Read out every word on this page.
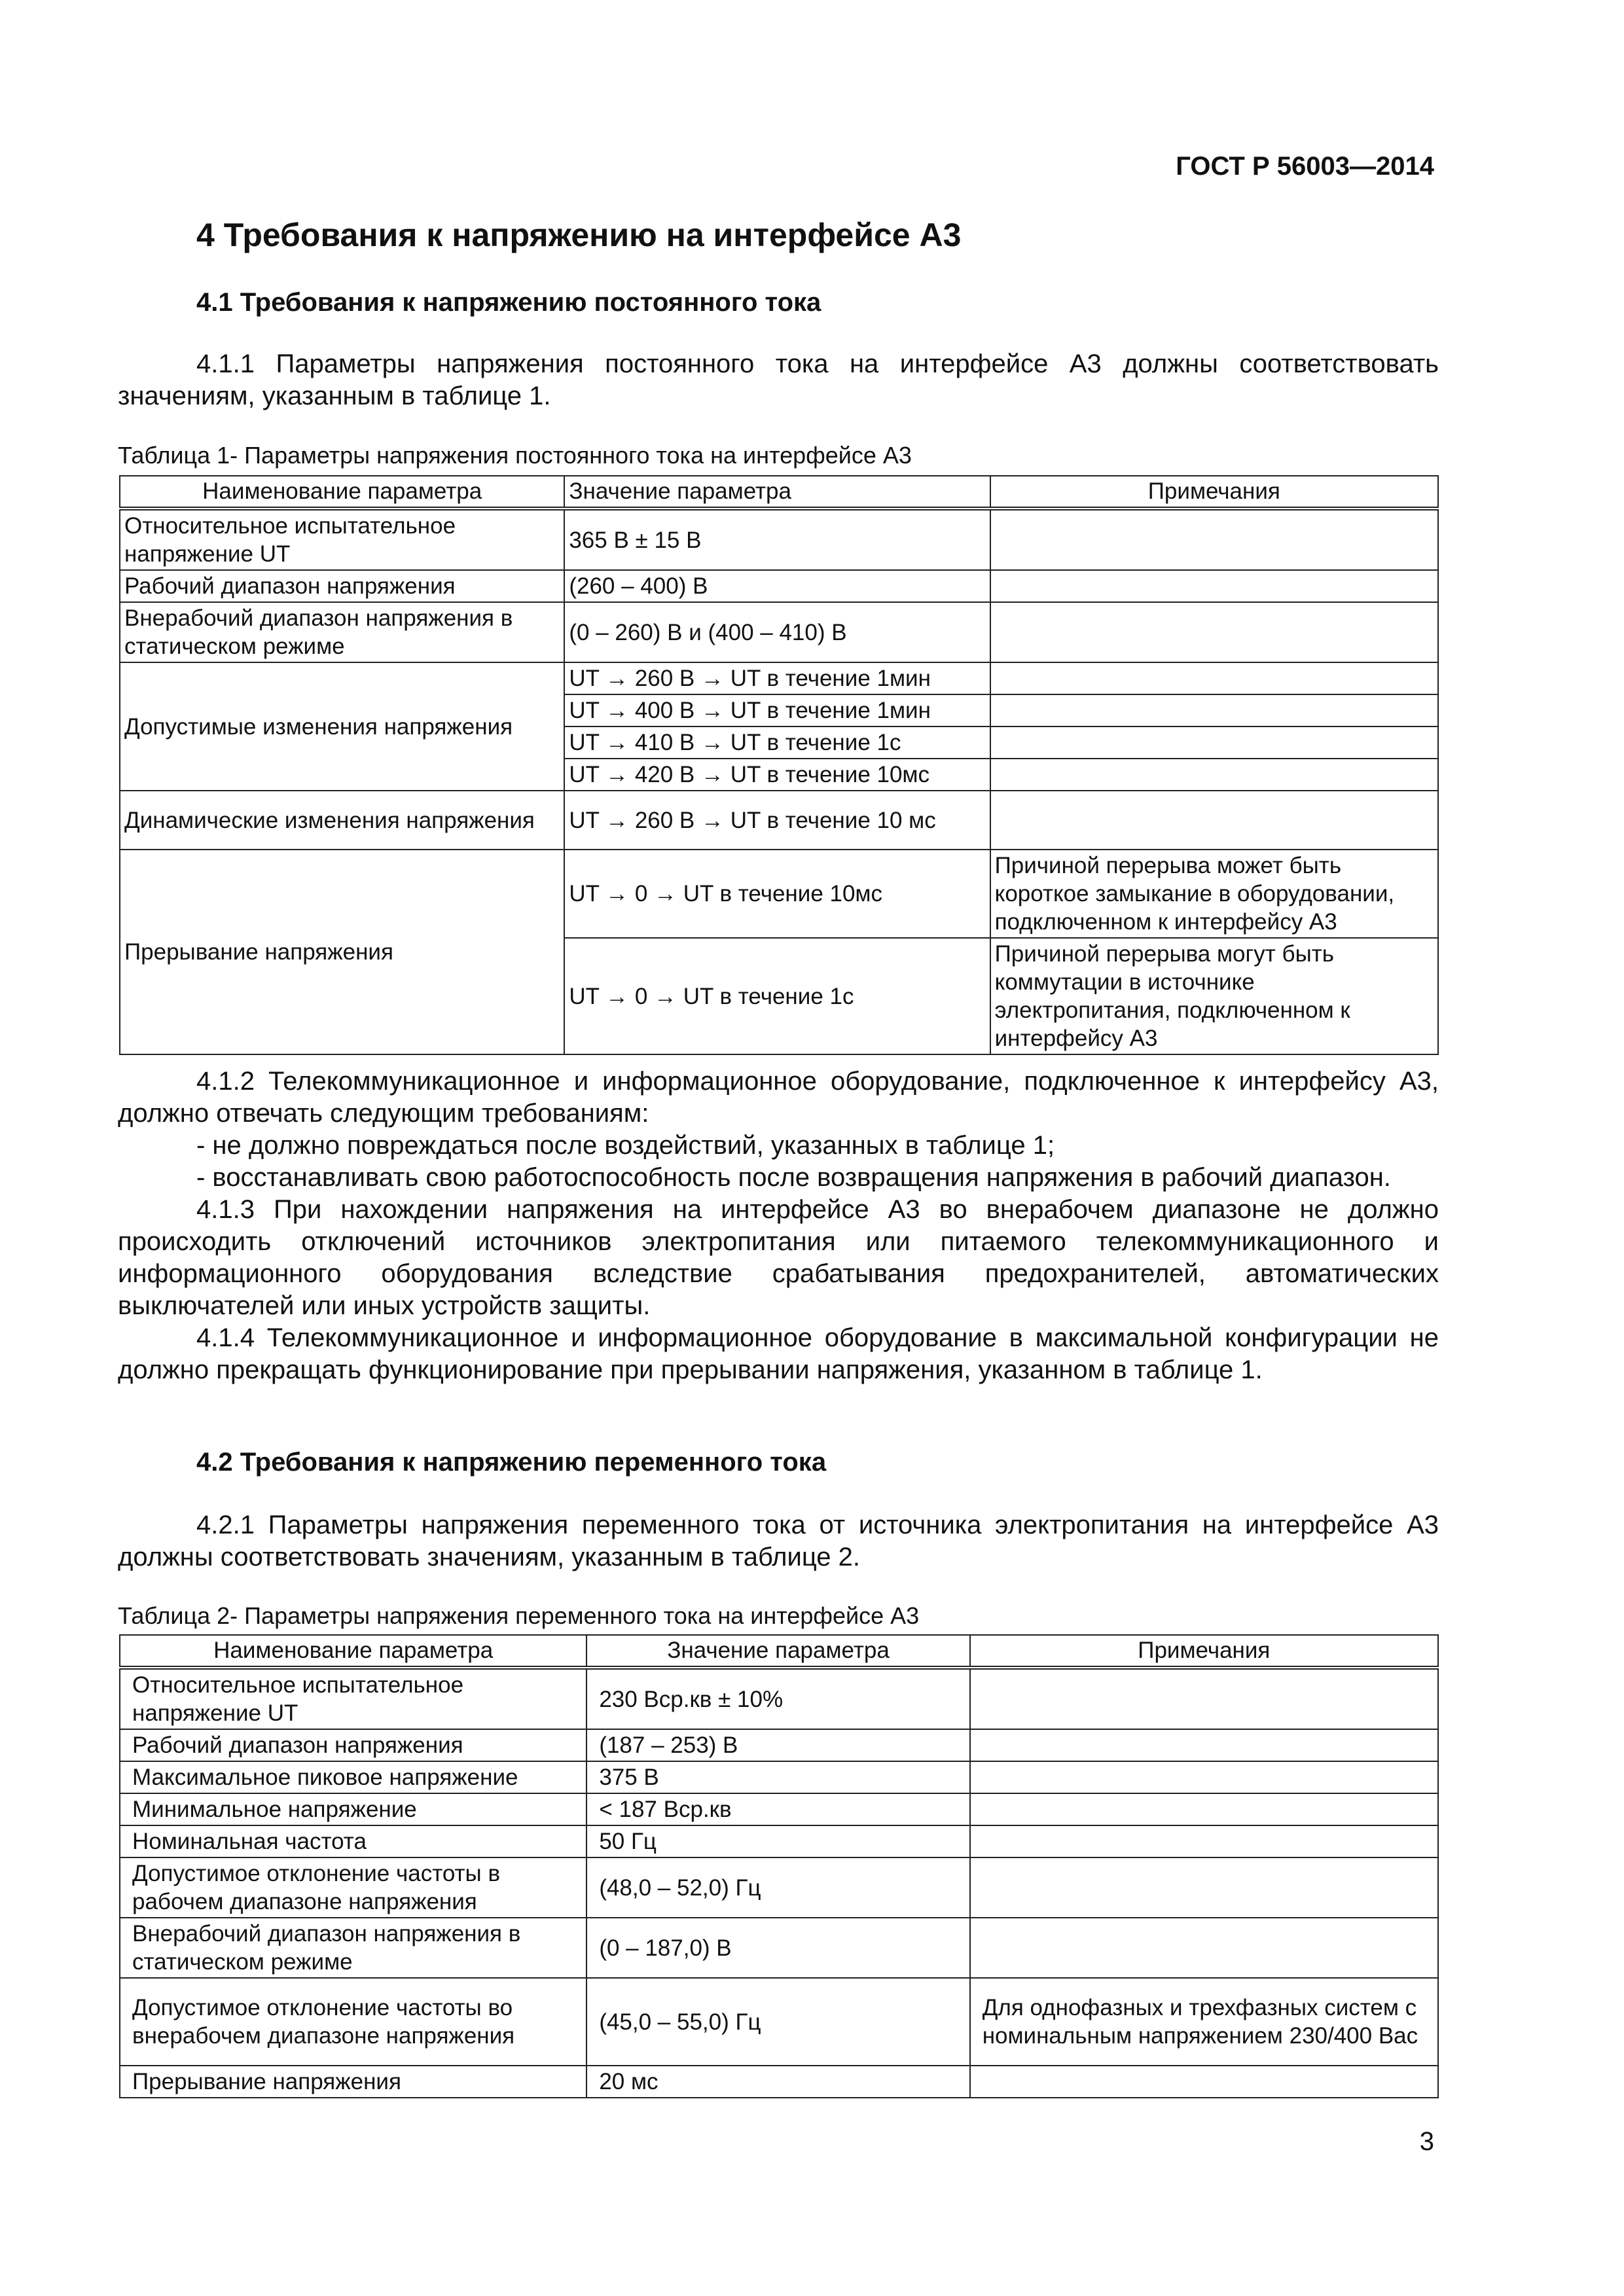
ГОСТ Р 56003—2014
4 Требования к напряжению на интерфейсе А3
4.1 Требования к напряжению постоянного тока

4.1.1 Параметры напряжения постоянного тока на интерфейсе А3 должны соответствовать значениям, указанным в таблице 1.

Таблица 1- Параметры напряжения постоянного тока на интерфейсе А3
Наименование параметра	Значение параметра	Примечания
Относительное испытательное напряжение UT	365 В ± 15 В	
Рабочий диапазон напряжения	(260 – 400) В	
Внерабочий диапазон напряжения в статическом режиме	(0 – 260) В и (400 – 410) В	
Допустимые изменения напряжения	UT → 260 В → UT в течение 1мин	
	UT → 400 В → UT в течение 1мин	
	UT → 410 В → UT в течение 1с	
	UT → 420 В → UT в течение 10мс	
Динамические изменения напряжения	UT → 260 В → UT в течение 10 мс	
Прерывание напряжения	UT → 0 → UT в течение 10мс	Причиной перерыва может быть короткое замыкание в оборудовании, подключенном к интерфейсу А3
	UT → 0 → UT в течение 1с	Причиной перерыва могут быть коммутации в источнике электропитания, подключенном к интерфейсу А3

4.1.2 Телекоммуникационное и информационное оборудование, подключенное к интерфейсу А3, должно отвечать следующим требованиям:

- не должно повреждаться после воздействий, указанных в таблице 1;

- восстанавливать свою работоспособность после возвращения напряжения в рабочий диапазон.

4.1.3 При нахождении напряжения на интерфейсе А3 во внерабочем диапазоне не должно происходить отключений источников электропитания или питаемого телекоммуникационного и информационного оборудования вследствие срабатывания предохранителей, автоматических выключателей или иных устройств защиты.

4.1.4 Телекоммуникационное и информационное оборудование в максимальной конфигурации не должно прекращать функционирование при прерывании напряжения, указанном в таблице 1.

4.2 Требования к напряжению переменного тока

4.2.1 Параметры напряжения переменного тока от источника электропитания на интерфейсе А3 должны соответствовать значениям, указанным в таблице 2.

Таблица 2- Параметры напряжения переменного тока на интерфейсе А3
Наименование параметра	Значение параметра	Примечания
Относительное испытательное напряжение UT	230 Вср.кв ± 10%	
Рабочий диапазон напряжения	(187 – 253) В	
Максимальное пиковое напряжение	375 В	
Минимальное напряжение	< 187 Вср.кв	
Номинальная частота	50 Гц	
Допустимое отклонение частоты в рабочем диапазоне напряжения	(48,0 – 52,0) Гц	
Внерабочий диапазон напряжения в статическом режиме	(0 – 187,0) В	
Допустимое отклонение частоты во внерабочем диапазоне напряжения	(45,0 – 55,0) Гц	Для однофазных и трехфазных систем с номинальным напряжением 230/400 Вас
Прерывание напряжения	20 мс	
3
